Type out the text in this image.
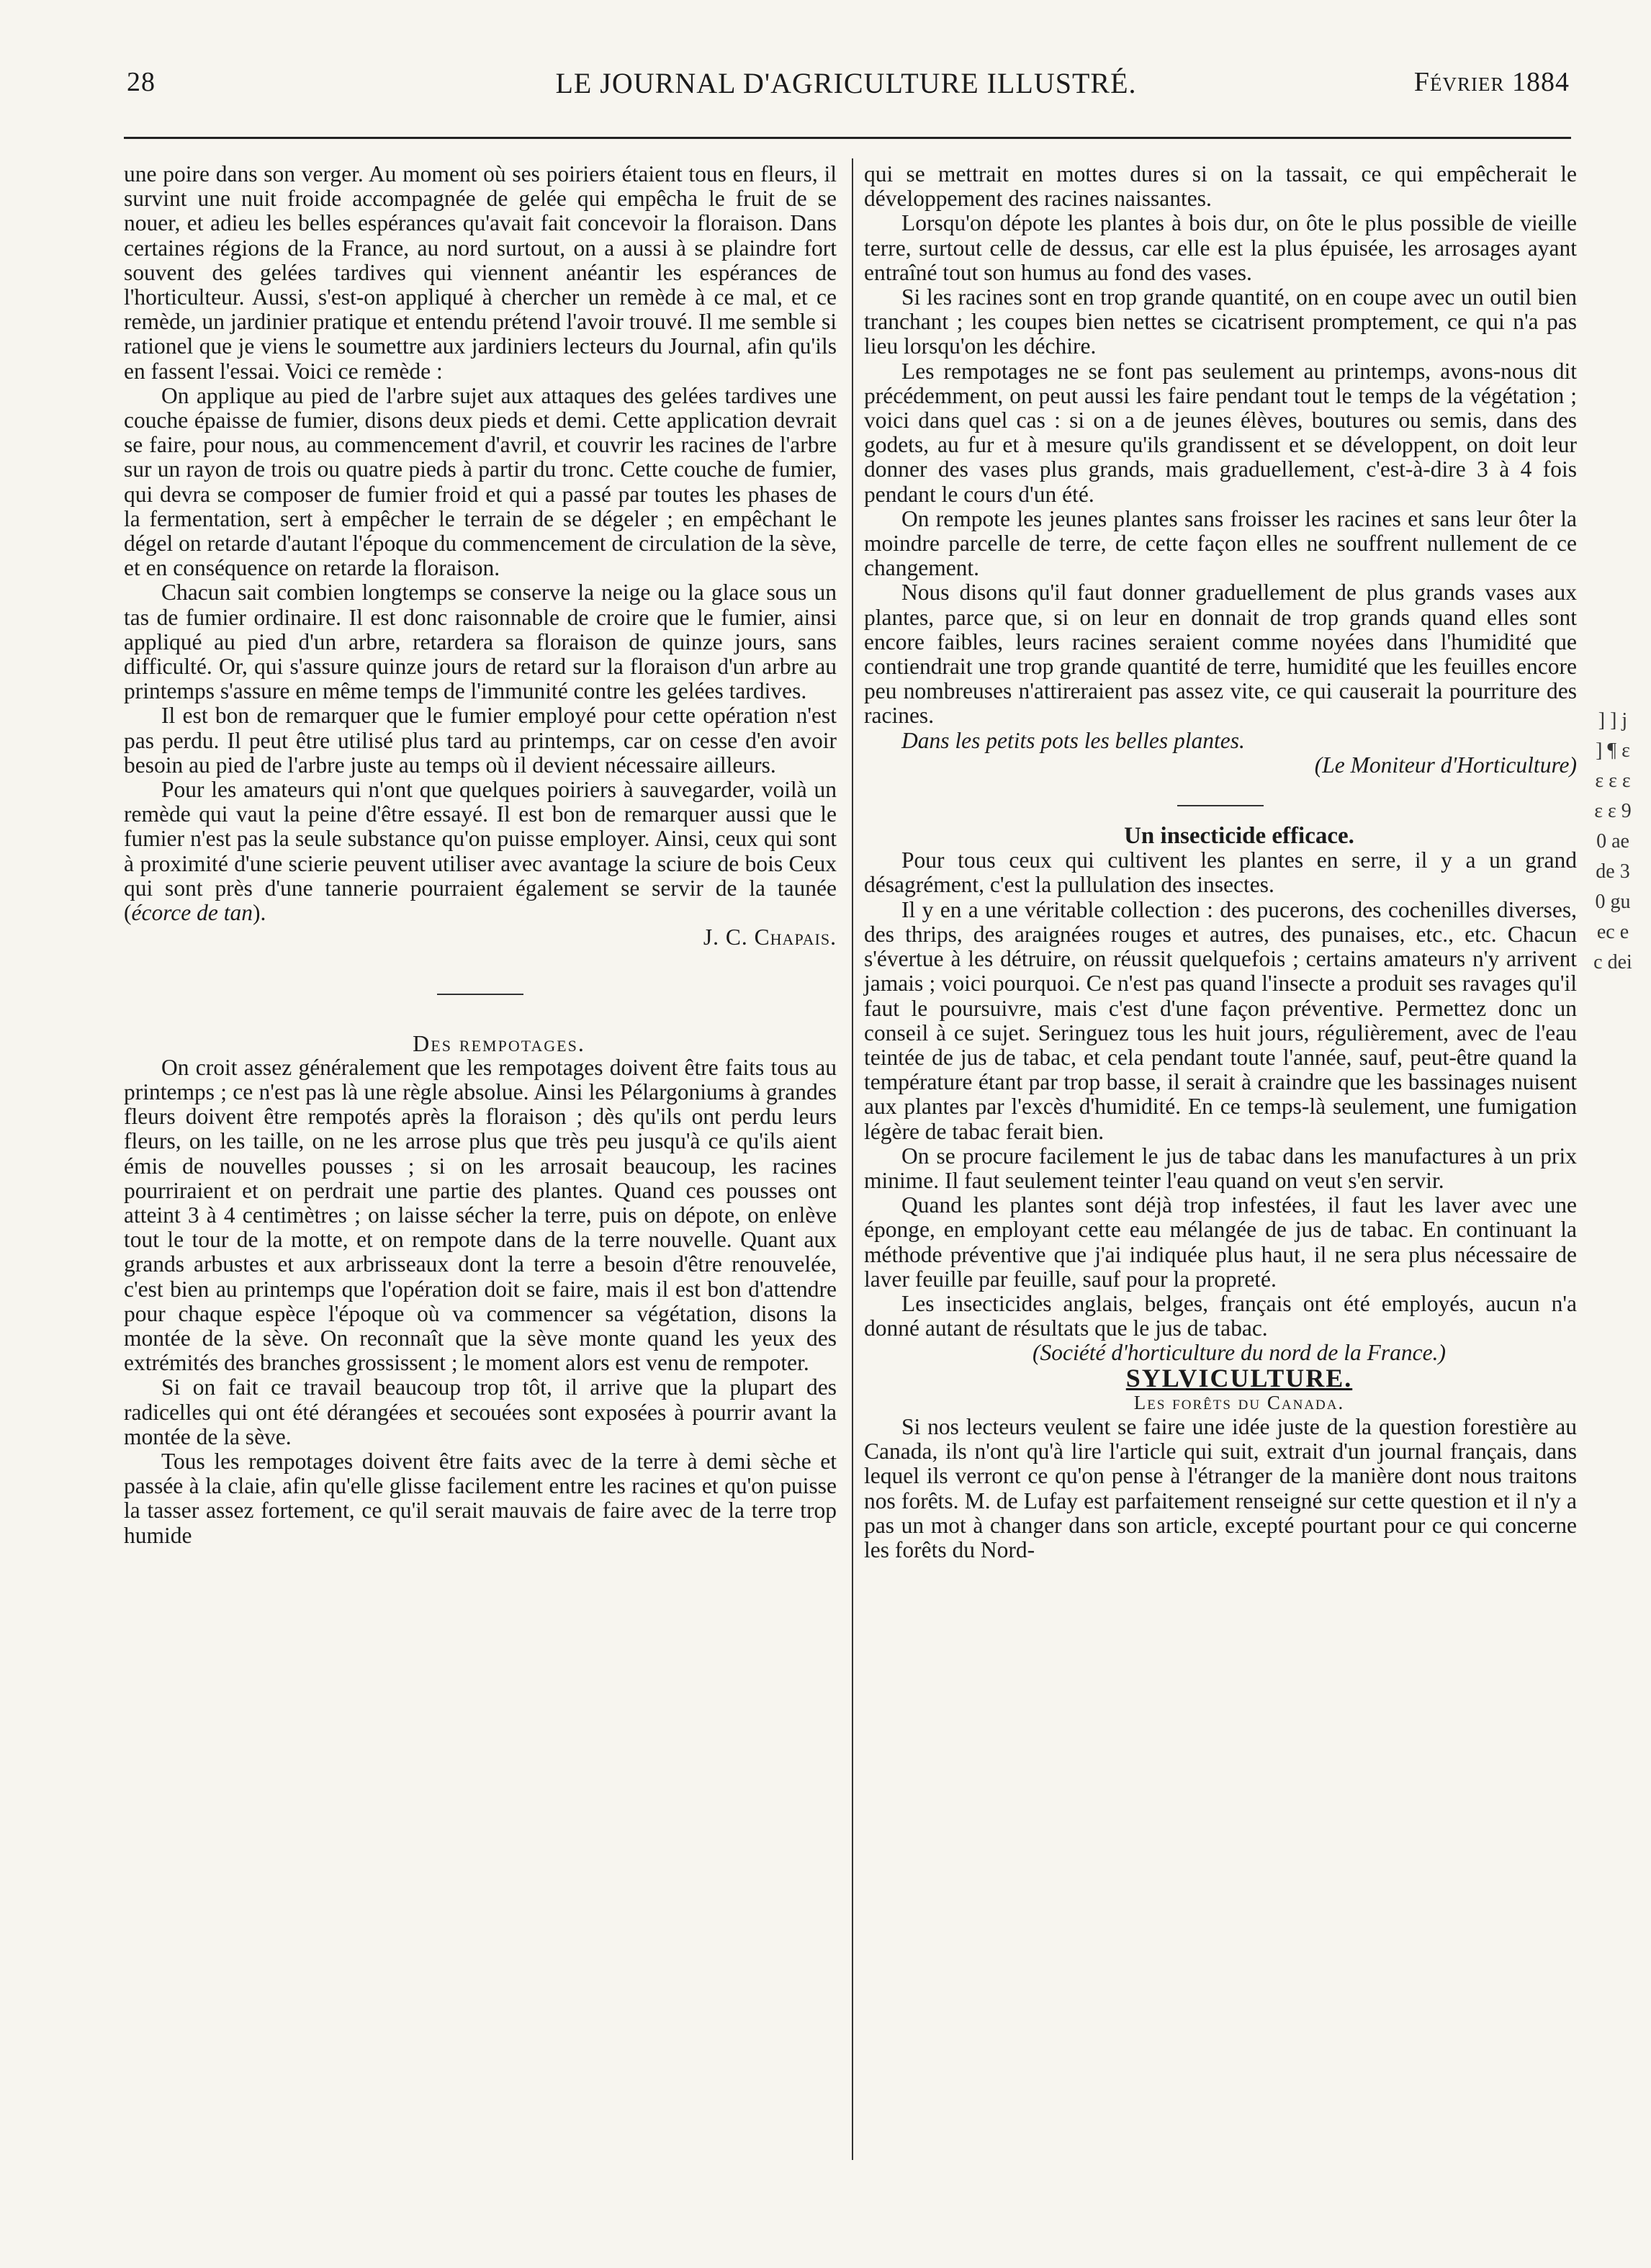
28	LE JOURNAL D'AGRICULTURE ILLUSTRÉ.	Février 1884

une poire dans son verger. Au moment où ses poiriers étaient tous en fleurs, il survint une nuit froide accompagnée de gelée qui empêcha le fruit de se nouer, et adieu les belles espérances qu'avait fait concevoir la floraison. Dans certaines régions de la France, au nord surtout, on a aussi à se plaindre fort souvent des gelées tardives qui viennent anéantir les espérances de l'horticulteur. Aussi, s'est-on appliqué à chercher un remède à ce mal, et ce remède, un jardinier pratique et entendu prétend l'avoir trouvé. Il me semble si rationel que je viens le soumettre aux jardiniers lecteurs du Journal, afin qu'ils en fassent l'essai. Voici ce remède :

On applique au pied de l'arbre sujet aux attaques des gelées tardives une couche épaisse de fumier, disons deux pieds et demi. Cette application devrait se faire, pour nous, au commencement d'avril, et couvrir les racines de l'arbre sur un rayon de trois ou quatre pieds à partir du tronc. Cette couche de fumier, qui devra se composer de fumier froid et qui a passé par toutes les phases de la fermentation, sert à empêcher le terrain de se dégeler ; en empêchant le dégel on retarde d'autant l'époque du commencement de circulation de la sève, et en conséquence on retarde la floraison.

Chacun sait combien longtemps se conserve la neige ou la glace sous un tas de fumier ordinaire. Il est donc raisonnable de croire que le fumier, ainsi appliqué au pied d'un arbre, retardera sa floraison de quinze jours, sans difficulté. Or, qui s'assure quinze jours de retard sur la floraison d'un arbre au printemps s'assure en même temps de l'immunité contre les gelées tardives.

Il est bon de remarquer que le fumier employé pour cette opération n'est pas perdu. Il peut être utilisé plus tard au printemps, car on cesse d'en avoir besoin au pied de l'arbre juste au temps où il devient nécessaire ailleurs.

Pour les amateurs qui n'ont que quelques poiriers à sauvegarder, voilà un remède qui vaut la peine d'être essayé. Il est bon de remarquer aussi que le fumier n'est pas la seule substance qu'on puisse employer. Ainsi, ceux qui sont à proximité d'une scierie peuvent utiliser avec avantage la sciure de bois Ceux qui sont près d'une tannerie pourraient également se servir de la taunée (écorce de tan).

J. C. Chapais.

Des rempotages.

On croit assez généralement que les rempotages doivent être faits tous au printemps ; ce n'est pas là une règle absolue. Ainsi les Pélargoniums à grandes fleurs doivent être rempotés après la floraison ; dès qu'ils ont perdu leurs fleurs, on les taille, on ne les arrose plus que très peu jusqu'à ce qu'ils aient émis de nouvelles pousses ; si on les arrosait beaucoup, les racines pourriraient et on perdrait une partie des plantes. Quand ces pousses ont atteint 3 à 4 centimètres ; on laisse sécher la terre, puis on dépote, on enlève tout le tour de la motte, et on rempote dans de la terre nouvelle. Quant aux grands arbustes et aux arbrisseaux dont la terre a besoin d'être renouvelée, c'est bien au printemps que l'opération doit se faire, mais il est bon d'attendre pour chaque espèce l'époque où va commencer sa végétation, disons la montée de la sève. On reconnaît que la sève monte quand les yeux des extrémités des branches grossissent ; le moment alors est venu de rempoter.

Si on fait ce travail beaucoup trop tôt, il arrive que la plupart des radicelles qui ont été dérangées et secouées sont exposées à pourrir avant la montée de la sève.

Tous les rempotages doivent être faits avec de la terre à demi sèche et passée à la claie, afin qu'elle glisse facilement entre les racines et qu'on puisse la tasser assez fortement, ce qu'il serait mauvais de faire avec de la terre trop humide

qui se mettrait en mottes dures si on la tassait, ce qui empêcherait le développement des racines naissantes.

Lorsqu'on dépote les plantes à bois dur, on ôte le plus possible de vieille terre, surtout celle de dessus, car elle est la plus épuisée, les arrosages ayant entraîné tout son humus au fond des vases.

Si les racines sont en trop grande quantité, on en coupe avec un outil bien tranchant ; les coupes bien nettes se cicatrisent promptement, ce qui n'a pas lieu lorsqu'on les déchire.

Les rempotages ne se font pas seulement au printemps, avons-nous dit précédemment, on peut aussi les faire pendant tout le temps de la végétation ; voici dans quel cas : si on a de jeunes élèves, boutures ou semis, dans des godets, au fur et à mesure qu'ils grandissent et se développent, on doit leur donner des vases plus grands, mais graduellement, c'est-à-dire 3 à 4 fois pendant le cours d'un été.

On rempote les jeunes plantes sans froisser les racines et sans leur ôter la moindre parcelle de terre, de cette façon elles ne souffrent nullement de ce changement.

Nous disons qu'il faut donner graduellement de plus grands vases aux plantes, parce que, si on leur en donnait de trop grands quand elles sont encore faibles, leurs racines seraient comme noyées dans l'humidité que contiendrait une trop grande quantité de terre, humidité que les feuilles encore peu nombreuses n'attireraient pas assez vite, ce qui causerait la pourriture des racines.

Dans les petits pots les belles plantes.

(Le Moniteur d'Horticulture)

Un insecticide efficace.

Pour tous ceux qui cultivent les plantes en serre, il y a un grand désagrément, c'est la pullulation des insectes.

Il y en a une véritable collection : des pucerons, des cochenilles diverses, des thrips, des araignées rouges et autres, des punaises, etc., etc. Chacun s'évertue à les détruire, on réussit quelquefois ; certains amateurs n'y arrivent jamais ; voici pourquoi. Ce n'est pas quand l'insecte a produit ses ravages qu'il faut le poursuivre, mais c'est d'une façon préventive. Permettez donc un conseil à ce sujet. Seringuez tous les huit jours, régulièrement, avec de l'eau teintée de jus de tabac, et cela pendant toute l'année, sauf, peut-être quand la température étant par trop basse, il serait à craindre que les bassinages nuisent aux plantes par l'excès d'humidité. En ce temps-là seulement, une fumigation légère de tabac ferait bien.

On se procure facilement le jus de tabac dans les manufactures à un prix minime. Il faut seulement teinter l'eau quand on veut s'en servir.

Quand les plantes sont déjà trop infestées, il faut les laver avec une éponge, en employant cette eau mélangée de jus de tabac. En continuant la méthode préventive que j'ai indiquée plus haut, il ne sera plus nécessaire de laver feuille par feuille, sauf pour la propreté.

Les insecticides anglais, belges, français ont été employés, aucun n'a donné autant de résultats que le jus de tabac.

(Société d'horticulture du nord de la France.)

SYLVICULTURE.

Les forêts du Canada.

Si nos lecteurs veulent se faire une idée juste de la question forestière au Canada, ils n'ont qu'à lire l'article qui suit, extrait d'un journal français, dans lequel ils verront ce qu'on pense à l'étranger de la manière dont nous traitons nos forêts. M. de Lufay est parfaitement renseigné sur cette question et il n'y a pas un mot à changer dans son article, excepté pourtant pour ce qui concerne les forêts du Nord-

] ] j ] ¶ ɛ ɛ ɛ ɛ ɛ ɛ 90 ae de 30 gu ec ec dei
